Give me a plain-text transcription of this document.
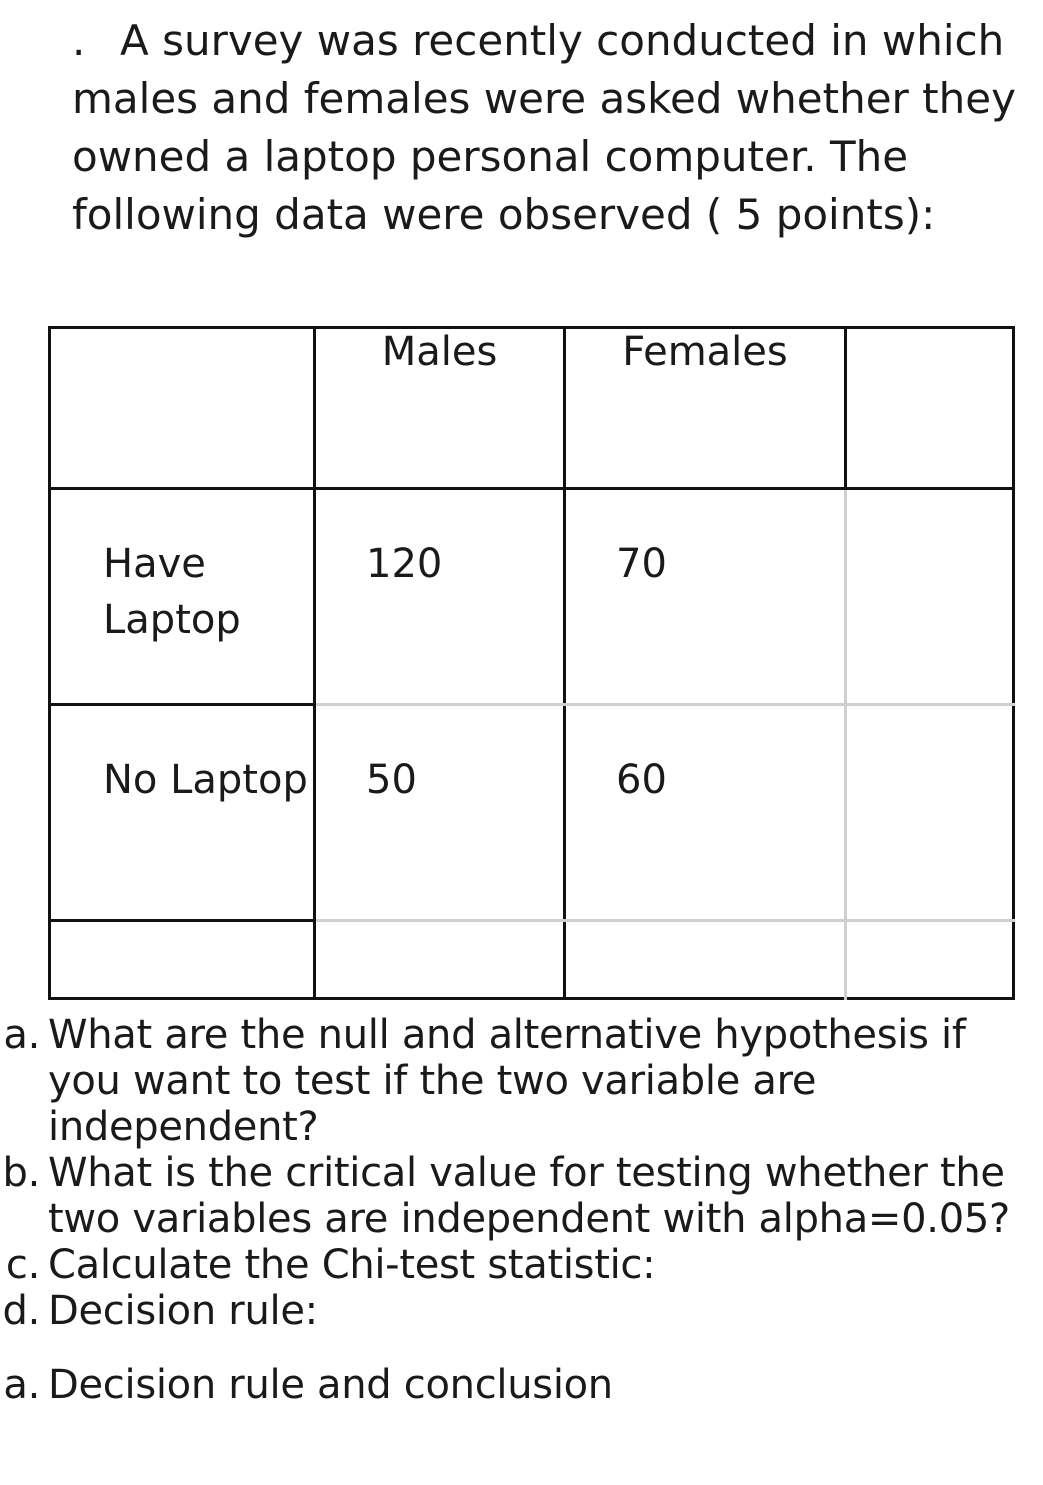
. A survey was recently conducted in which males and females were asked whether they owned a laptop personal computer. The following data were observed ( 5 points):

	Males	Females	

Have Laptop	120	70	

No Laptop	50	60	

a. What are the null and alternative hypothesis if you want to test if the two variable are independent?
b. What is the critical value for testing whether the two variables are independent with alpha=0.05?
c. Calculate the Chi-test statistic:
d. Decision rule:
a. Decision rule and conclusion
